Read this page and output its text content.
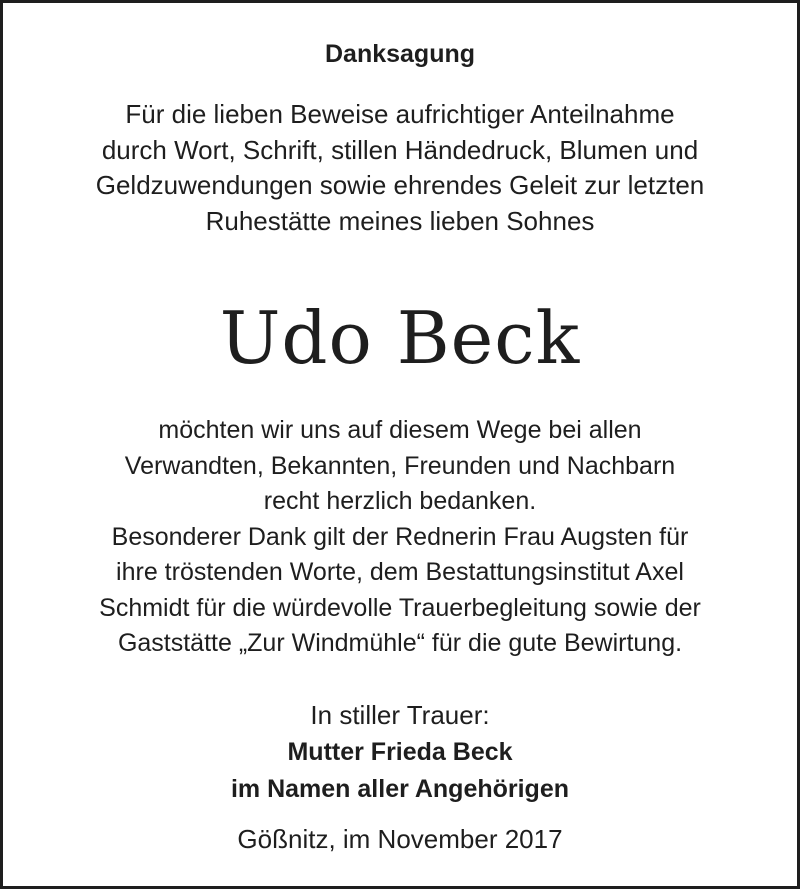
Danksagung
Für die lieben Beweise aufrichtiger Anteilnahme
durch Wort, Schrift, stillen Händedruck, Blumen und
Geldzuwendungen sowie ehrendes Geleit zur letzten
Ruhestätte meines lieben Sohnes
Udo Beck
möchten wir uns auf diesem Wege bei allen
Verwandten, Bekannten, Freunden und Nachbarn
recht herzlich bedanken.
Besonderer Dank gilt der Rednerin Frau Augsten für
ihre tröstenden Worte, dem Bestattungsinstitut Axel
Schmidt für die würdevolle Trauerbegleitung sowie der
Gaststätte „Zur Windmühle“ für die gute Bewirtung.
In stiller Trauer:
Mutter Frieda Beck
im Namen aller Angehörigen
Gößnitz, im November 2017
